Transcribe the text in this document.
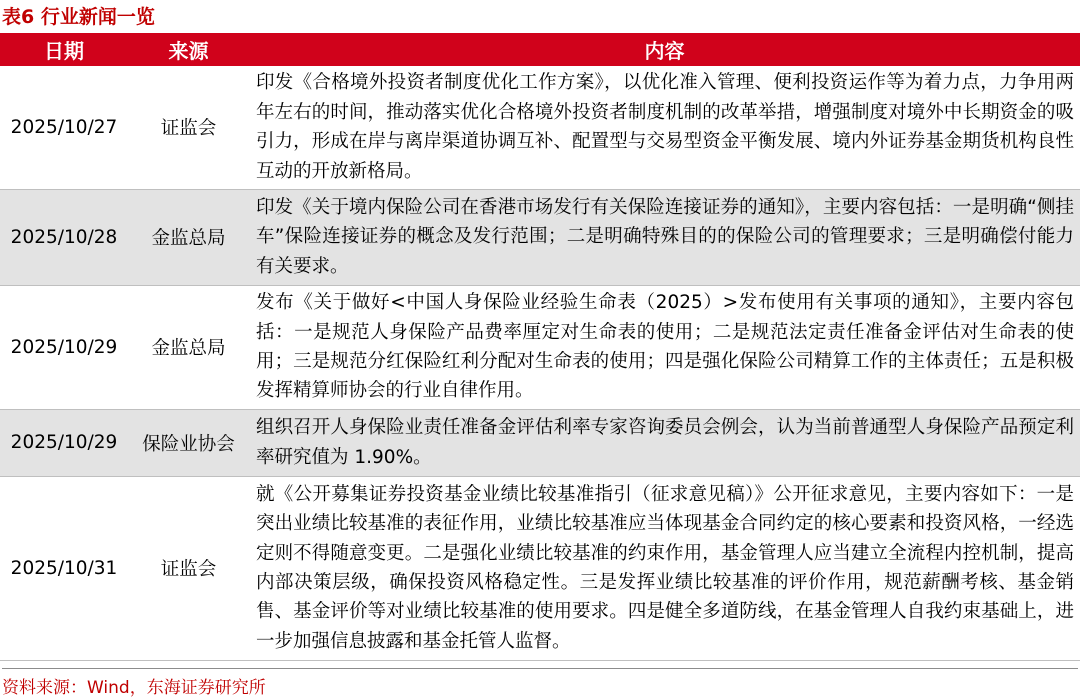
表6 行业新闻一览
日期	来源	内容
2025/10/27	证监会	印发《合格境外投资者制度优化工作方案》，以优化准入管理、便利投资运作等为着力点，力争用两年左右的时间，推动落实优化合格境外投资者制度机制的改革举措，增强制度对境外中长期资金的吸引力，形成在岸与离岸渠道协调互补、配置型与交易型资金平衡发展、境内外证券基金期货机构良性互动的开放新格局。
2025/10/28	金监总局	印发《关于境内保险公司在香港市场发行有关保险连接证券的通知》，主要内容包括：一是明确“侧挂车”保险连接证券的概念及发行范围；二是明确特殊目的的保险公司的管理要求；三是明确偿付能力有关要求。
2025/10/29	金监总局	发布《关于做好<中国人身保险业经验生命表（2025）>发布使用有关事项的通知》，主要内容包括：一是规范人身保险产品费率厘定对生命表的使用；二是规范法定责任准备金评估对生命表的使用；三是规范分红保险红利分配对生命表的使用；四是强化保险公司精算工作的主体责任；五是积极发挥精算师协会的行业自律作用。
2025/10/29	保险业协会	组织召开人身保险业责任准备金评估利率专家咨询委员会例会，认为当前普通型人身保险产品预定利率研究值为 1.90%。
2025/10/31	证监会	就《公开募集证券投资基金业绩比较基准指引（征求意见稿）》公开征求意见，主要内容如下：一是突出业绩比较基准的表征作用，业绩比较基准应当体现基金合同约定的核心要素和投资风格，一经选定则不得随意变更。二是强化业绩比较基准的约束作用，基金管理人应当建立全流程内控机制，提高内部决策层级，确保投资风格稳定性。三是发挥业绩比较基准的评价作用，规范薪酬考核、基金销售、基金评价等对业绩比较基准的使用要求。四是健全多道防线，在基金管理人自我约束基础上，进一步加强信息披露和基金托管人监督。
资料来源：Wind，东海证券研究所
